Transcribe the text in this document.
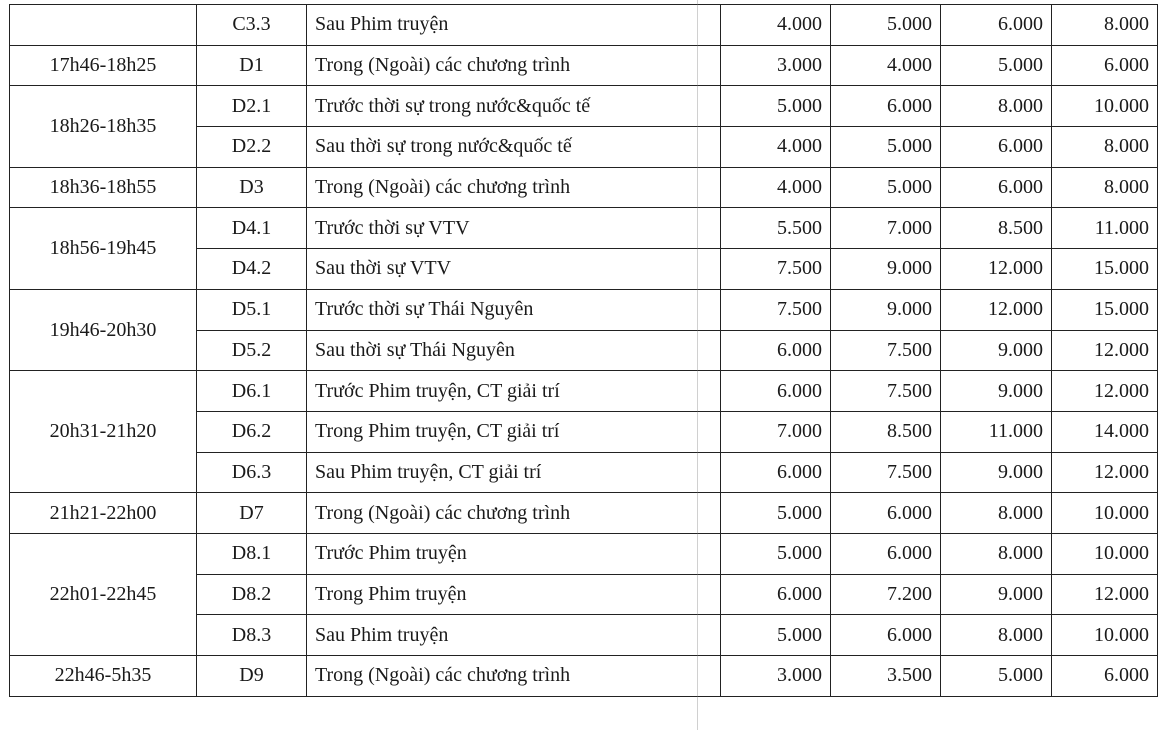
	C3.3	Sau Phim truyện	4.000	5.000	6.000	8.000
17h46-18h25	D1	Trong (Ngoài) các chương trình	3.000	4.000	5.000	6.000
18h26-18h35	D2.1	Trước thời sự trong nước&quốc tế	5.000	6.000	8.000	10.000
	D2.2	Sau thời sự trong nước&quốc tế	4.000	5.000	6.000	8.000
18h36-18h55	D3	Trong (Ngoài) các chương trình	4.000	5.000	6.000	8.000
18h56-19h45	D4.1	Trước thời sự VTV	5.500	7.000	8.500	11.000
	D4.2	Sau thời sự VTV	7.500	9.000	12.000	15.000
19h46-20h30	D5.1	Trước thời sự Thái Nguyên	7.500	9.000	12.000	15.000
	D5.2	Sau thời sự Thái Nguyên	6.000	7.500	9.000	12.000
20h31-21h20	D6.1	Trước Phim truyện, CT giải trí	6.000	7.500	9.000	12.000
	D6.2	Trong Phim truyện, CT giải trí	7.000	8.500	11.000	14.000
	D6.3	Sau Phim truyện, CT giải trí	6.000	7.500	9.000	12.000
21h21-22h00	D7	Trong (Ngoài) các chương trình	5.000	6.000	8.000	10.000
22h01-22h45	D8.1	Trước Phim truyện	5.000	6.000	8.000	10.000
	D8.2	Trong Phim truyện	6.000	7.200	9.000	12.000
	D8.3	Sau Phim truyện	5.000	6.000	8.000	10.000
22h46-5h35	D9	Trong (Ngoài) các chương trình	3.000	3.500	5.000	6.000
